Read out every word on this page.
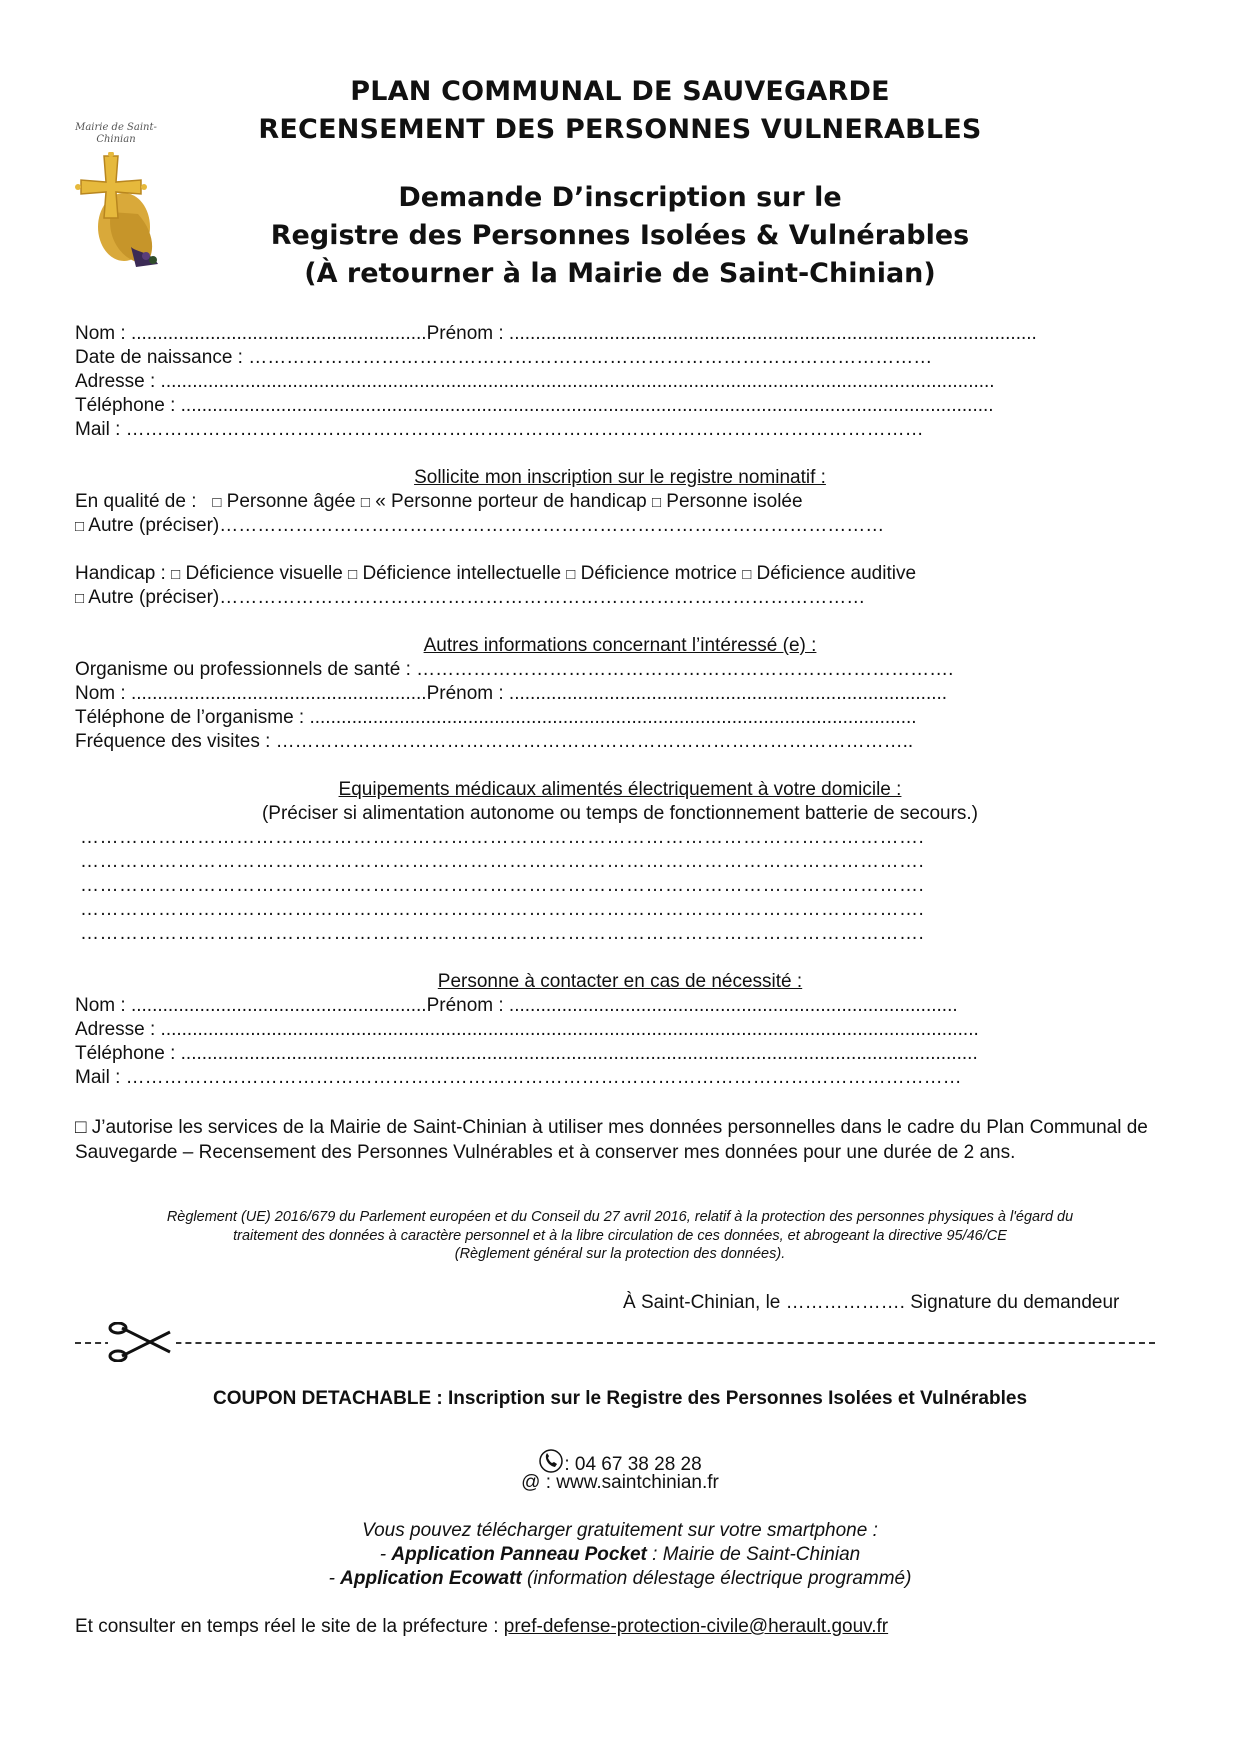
Mairie de Saint-Chinian
PLAN COMMUNAL DE SAUVEGARDE
RECENSEMENT DES PERSONNES VULNERABLES
Demande D’inscription sur le
Registre des Personnes Isolées & Vulnérables
(À retourner à la Mairie de Saint-Chinian)
Nom : ........................................................Prénom : ....................................................................................................
Date de naissance : ………………………………………………………………………………………………
Adresse : ..............................................................................................................................................................
Téléphone : ..........................................................................................................................................................
Mail : ………………………………………………………………………………………………………………
Sollicite mon inscription sur le registre nominatif :
En qualité de : □ Personne âgée □ « Personne porteur de handicap □ Personne isolée
□ Autre (préciser)……………………………………………………………………………………………
Handicap : □ Déficience visuelle □ Déficience intellectuelle □ Déficience motrice □ Déficience auditive
□ Autre (préciser)…………………………………………………………………………………………
Autres informations concernant l’intéressé (e) :
Organisme ou professionnels de santé : ………………………………………………………………………….
Nom : ........................................................Prénom : ...................................................................................
Téléphone de l’organisme : ...................................................................................................................
Fréquence des visites : ………………………………………………………………………………………..
Equipements médicaux alimentés électriquement à votre domicile :
(Préciser si alimentation autonome ou temps de fonctionnement batterie de secours.)
………………………………………………………………………………………………………………….
………………………………………………………………………………………………………………….
………………………………………………………………………………………………………………….
………………………………………………………………………………………………………………….
………………………………………………………………………………………………………………….
Personne à contacter en cas de nécessité :
Nom : ........................................................Prénom : .....................................................................................
Adresse : ...........................................................................................................................................................
Téléphone : .......................................................................................................................................................
Mail : ……………………………………………………………………………………………………………………
□ J’autorise les services de la Mairie de Saint-Chinian à utiliser mes données personnelles dans le cadre du Plan Communal de Sauvegarde – Recensement des Personnes Vulnérables et à conserver mes données pour une durée de 2 ans.
Règlement (UE) 2016/679 du Parlement européen et du Conseil du 27 avril 2016, relatif à la protection des personnes physiques à l'égard du
traitement des données à caractère personnel et à la libre circulation de ces données, et abrogeant la directive 95/46/CE
(Règlement général sur la protection des données).
À Saint-Chinian, le ………………. Signature du demandeur
COUPON DETACHABLE : Inscription sur le Registre des Personnes Isolées et Vulnérables
: 04 67 38 28 28
@ : www.saintchinian.fr
Vous pouvez télécharger gratuitement sur votre smartphone :
- Application Panneau Pocket : Mairie de Saint-Chinian
- Application Ecowatt (information délestage électrique programmé)
Et consulter en temps réel le site de la préfecture : pref-defense-protection-civile@herault.gouv.fr
